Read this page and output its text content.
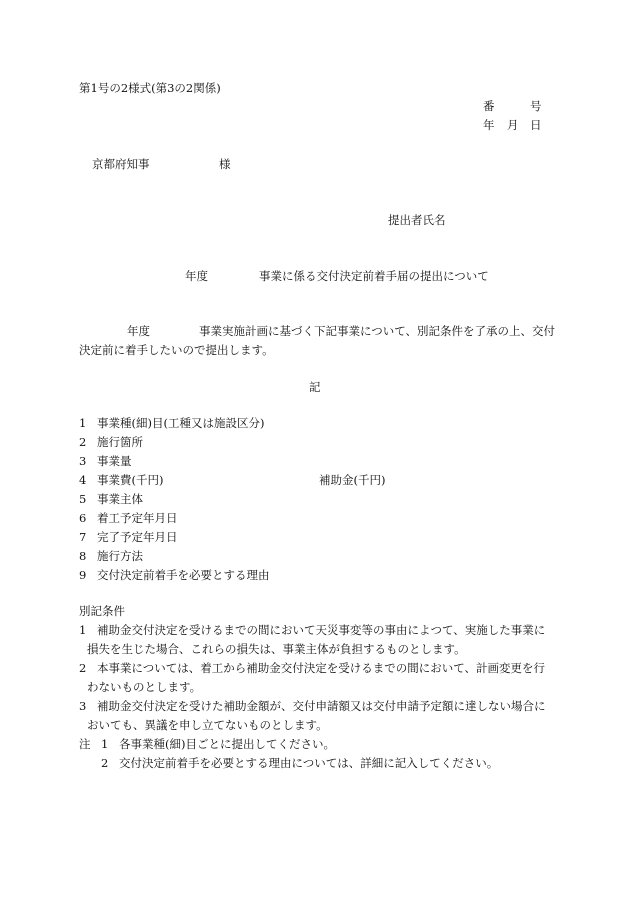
第1号の2様式(第3の2関係)
番	号
年 月 日
京都府知事	様
提出者氏名
年度	事業に係る交付決定前着手届の提出について
年度	事業実施計画に基づく下記事業について、別記条件を了承の上、交付
決定前に着手したいので提出します。
記
1 事業種(細)目(工種又は施設区分)
2 施行箇所
3 事業量
4 事業費(千円)	補助金(千円)
5 事業主体
6 着工予定年月日
7 完了予定年月日
8 施行方法
9 交付決定前着手を必要とする理由
別記条件
1 補助金交付決定を受けるまでの間において天災事変等の事由によつて、実施した事業に
損失を生じた場合、これらの損失は、事業主体が負担するものとします。
2 本事業については、着工から補助金交付決定を受けるまでの間において、計画変更を行
わないものとします。
3 補助金交付決定を受けた補助金額が、交付申請額又は交付申請予定額に達しない場合に
おいても、異議を申し立てないものとします。
注 1 各事業種(細)目ごとに提出してください。
2 交付決定前着手を必要とする理由については、詳細に記入してください。
